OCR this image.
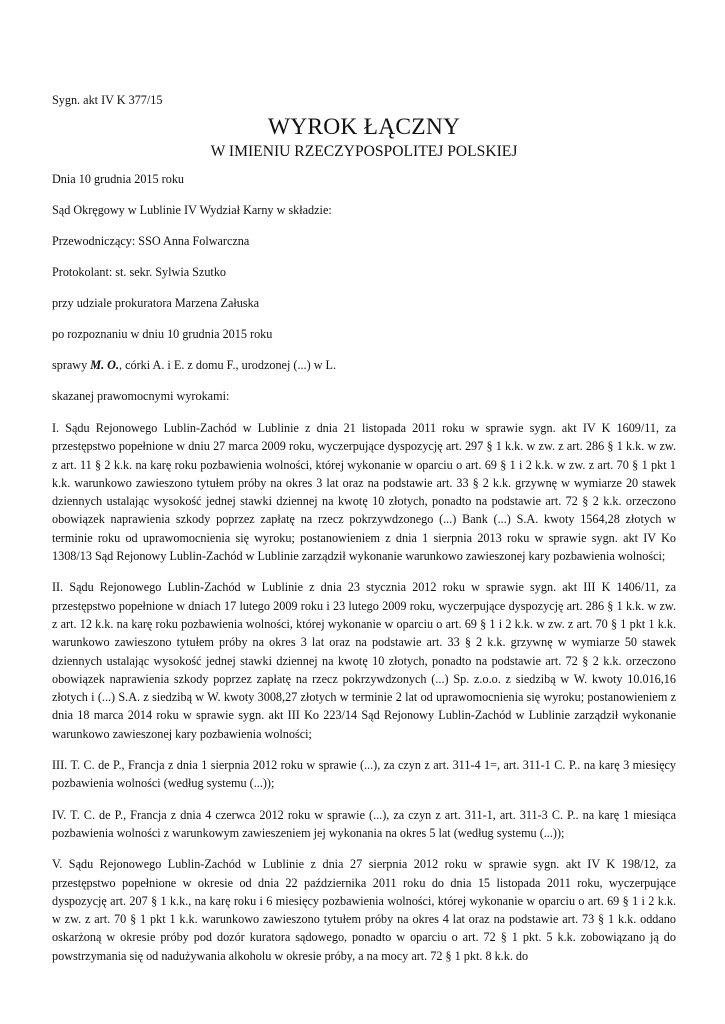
Sygn. akt IV K 377/15
WYROK ŁĄCZNY
W IMIENIU RZECZYPOSPOLITEJ POLSKIEJ
Dnia 10 grudnia 2015 roku
Sąd Okręgowy w Lublinie IV Wydział Karny w składzie:
Przewodniczący: SSO Anna Folwarczna
Protokolant: st. sekr. Sylwia Szutko
przy udziale prokuratora Marzena Załuska
po rozpoznaniu w dniu 10 grudnia 2015 roku
sprawy M. O., córki A. i E. z domu F., urodzonej (...) w L.
skazanej prawomocnymi wyrokami:
I. Sądu Rejonowego Lublin-Zachód w Lublinie z dnia 21 listopada 2011 roku w sprawie sygn. akt IV K 1609/11, za przestępstwo popełnione w dniu 27 marca 2009 roku, wyczerpujące dyspozycję art. 297 § 1 k.k. w zw. z art. 286 § 1 k.k. w zw. z art. 11 § 2 k.k. na karę roku pozbawienia wolności, której wykonanie w oparciu o art. 69 § 1 i 2 k.k. w zw. z art. 70 § 1 pkt 1 k.k. warunkowo zawieszono tytułem próby na okres 3 lat oraz na podstawie art. 33 § 2 k.k. grzywnę w wymiarze 20 stawek dziennych ustalając wysokość jednej stawki dziennej na kwotę 10 złotych, ponadto na podstawie art. 72 § 2 k.k. orzeczono obowiązek naprawienia szkody poprzez zapłatę na rzecz pokrzywdzonego (...) Bank (...) S.A. kwoty 1564,28 złotych w terminie roku od uprawomocnienia się wyroku; postanowieniem z dnia 1 sierpnia 2013 roku w sprawie sygn. akt IV Ko 1308/13 Sąd Rejonowy Lublin-Zachód w Lublinie zarządził wykonanie warunkowo zawieszonej kary pozbawienia wolności;
II. Sądu Rejonowego Lublin-Zachód w Lublinie z dnia 23 stycznia 2012 roku w sprawie sygn. akt III K 1406/11, za przestępstwo popełnione w dniach 17 lutego 2009 roku i 23 lutego 2009 roku, wyczerpujące dyspozycję art. 286 § 1 k.k. w zw. z art. 12 k.k. na karę roku pozbawienia wolności, której wykonanie w oparciu o art. 69 § 1 i 2 k.k. w zw. z art. 70 § 1 pkt 1 k.k. warunkowo zawieszono tytułem próby na okres 3 lat oraz na podstawie art. 33 § 2 k.k. grzywnę w wymiarze 50 stawek dziennych ustalając wysokość jednej stawki dziennej na kwotę 10 złotych, ponadto na podstawie art. 72 § 2 k.k. orzeczono obowiązek naprawienia szkody poprzez zapłatę na rzecz pokrzywdzonych (...) Sp. z.o.o. z siedzibą w W. kwoty 10.016,16 złotych i (...) S.A. z siedzibą w W. kwoty 3008,27 złotych w terminie 2 lat od uprawomocnienia się wyroku; postanowieniem z dnia 18 marca 2014 roku w sprawie sygn. akt III Ko 223/14 Sąd Rejonowy Lublin-Zachód w Lublinie zarządził wykonanie warunkowo zawieszonej kary pozbawienia wolności;
III. T. C. de P., Francja z dnia 1 sierpnia 2012 roku w sprawie (...), za czyn z art. 311-4 1=, art. 311-1 C. P.. na karę 3 miesięcy pozbawienia wolności (według systemu (...));
IV. T. C. de P., Francja z dnia 4 czerwca 2012 roku w sprawie (...), za czyn z art. 311-1, art. 311-3 C. P.. na karę 1 miesiąca pozbawienia wolności z warunkowym zawieszeniem jej wykonania na okres 5 lat (według systemu (...));
V. Sądu Rejonowego Lublin-Zachód w Lublinie z dnia 27 sierpnia 2012 roku w sprawie sygn. akt IV K 198/12, za przestępstwo popełnione w okresie od dnia 22 października 2011 roku do dnia 15 listopada 2011 roku, wyczerpujące dyspozycję art. 207 § 1 k.k., na karę roku i 6 miesięcy pozbawienia wolności, której wykonanie w oparciu o art. 69 § 1 i 2 k.k. w zw. z art. 70 § 1 pkt 1 k.k. warunkowo zawieszono tytułem próby na okres 4 lat oraz na podstawie art. 73 § 1 k.k. oddano oskarżoną w okresie próby pod dozór kuratora sądowego, ponadto w oparciu o art. 72 § 1 pkt. 5 k.k. zobowiązano ją do powstrzymania się od nadużywania alkoholu w okresie próby, a na mocy art. 72 § 1 pkt. 8 k.k. do
